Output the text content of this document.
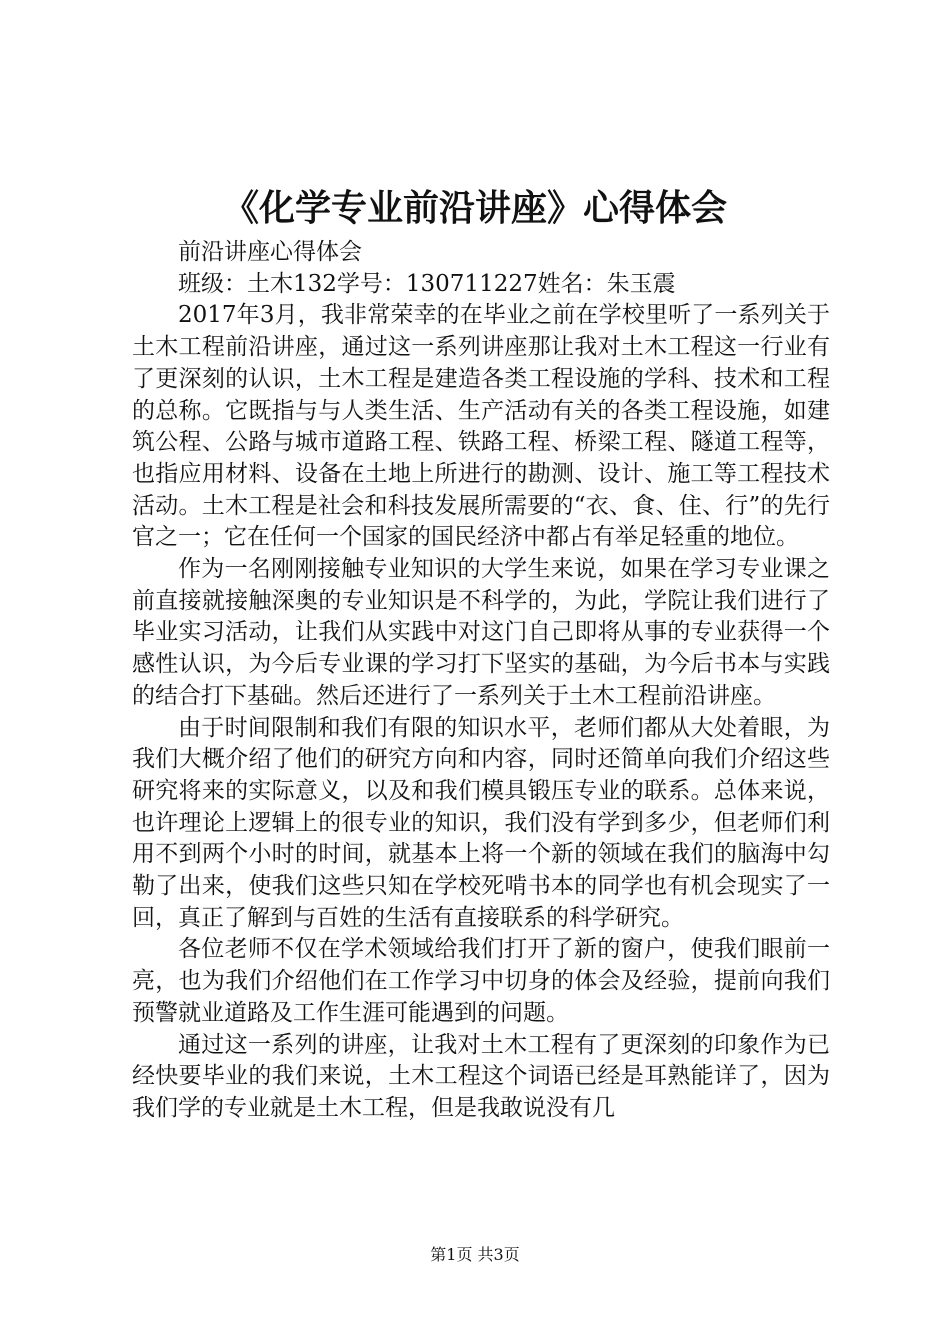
《化学专业前沿讲座》心得体会

前沿讲座心得体会

班级：土木132学号：130711227姓名：朱玉震

2017年3月，我非常荣幸的在毕业之前在学校里听了一系列关于土木工程前沿讲座，通过这一系列讲座那让我对土木工程这一行业有了更深刻的认识，土木工程是建造各类工程设施的学科、技术和工程的总称。它既指与与人类生活、生产活动有关的各类工程设施，如建筑公程、公路与城市道路工程、铁路工程、桥梁工程、隧道工程等，也指应用材料、设备在土地上所进行的勘测、设计、施工等工程技术活动。土木工程是社会和科技发展所需要的“衣、食、住、行”的先行官之一；它在任何一个国家的国民经济中都占有举足轻重的地位。

作为一名刚刚接触专业知识的大学生来说，如果在学习专业课之前直接就接触深奥的专业知识是不科学的，为此，学院让我们进行了毕业实习活动，让我们从实践中对这门自己即将从事的专业获得一个感性认识，为今后专业课的学习打下坚实的基础，为今后书本与实践的结合打下基础。然后还进行了一系列关于土木工程前沿讲座。

由于时间限制和我们有限的知识水平，老师们都从大处着眼，为我们大概介绍了他们的研究方向和内容，同时还简单向我们介绍这些研究将来的实际意义，以及和我们模具锻压专业的联系。总体来说，也许理论上逻辑上的很专业的知识，我们没有学到多少，但老师们利用不到两个小时的时间，就基本上将一个新的领域在我们的脑海中勾勒了出来，使我们这些只知在学校死啃书本的同学也有机会现实了一回，真正了解到与百姓的生活有直接联系的科学研究。

各位老师不仅在学术领域给我们打开了新的窗户，使我们眼前一亮，也为我们介绍他们在工作学习中切身的体会及经验，提前向我们预警就业道路及工作生涯可能遇到的问题。

通过这一系列的讲座，让我对土木工程有了更深刻的印象作为已经快要毕业的我们来说，土木工程这个词语已经是耳熟能详了，因为我们学的专业就是土木工程，但是我敢说没有几

第1页 共3页
